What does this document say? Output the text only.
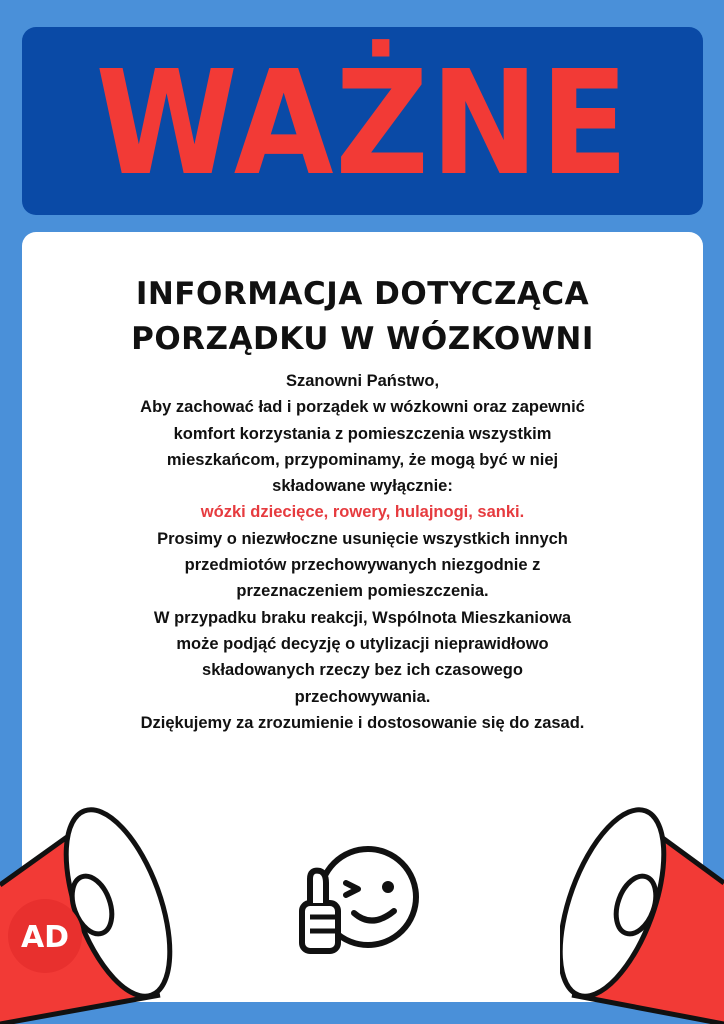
WAŻNE
INFORMACJA DOTYCZĄCA
PORZĄDKU W WÓZKOWNI

Szanowni Państwo,

Aby zachować ład i porządek w wózkowni oraz zapewnić

komfort korzystania z pomieszczenia wszystkim

mieszkańcom, przypominamy, że mogą być w niej

składowane wyłącznie:

wózki dziecięce, rowery, hulajnogi, sanki.

Prosimy o niezwłoczne usunięcie wszystkich innych

przedmiotów przechowywanych niezgodnie z

przeznaczeniem pomieszczenia.

W przypadku braku reakcji, Wspólnota Mieszkaniowa

może podjąć decyzję o utylizacji nieprawidłowo

składowanych rzeczy bez ich czasowego

przechowywania.

Dziękujemy za zrozumienie i dostosowanie się do zasad.

AD
